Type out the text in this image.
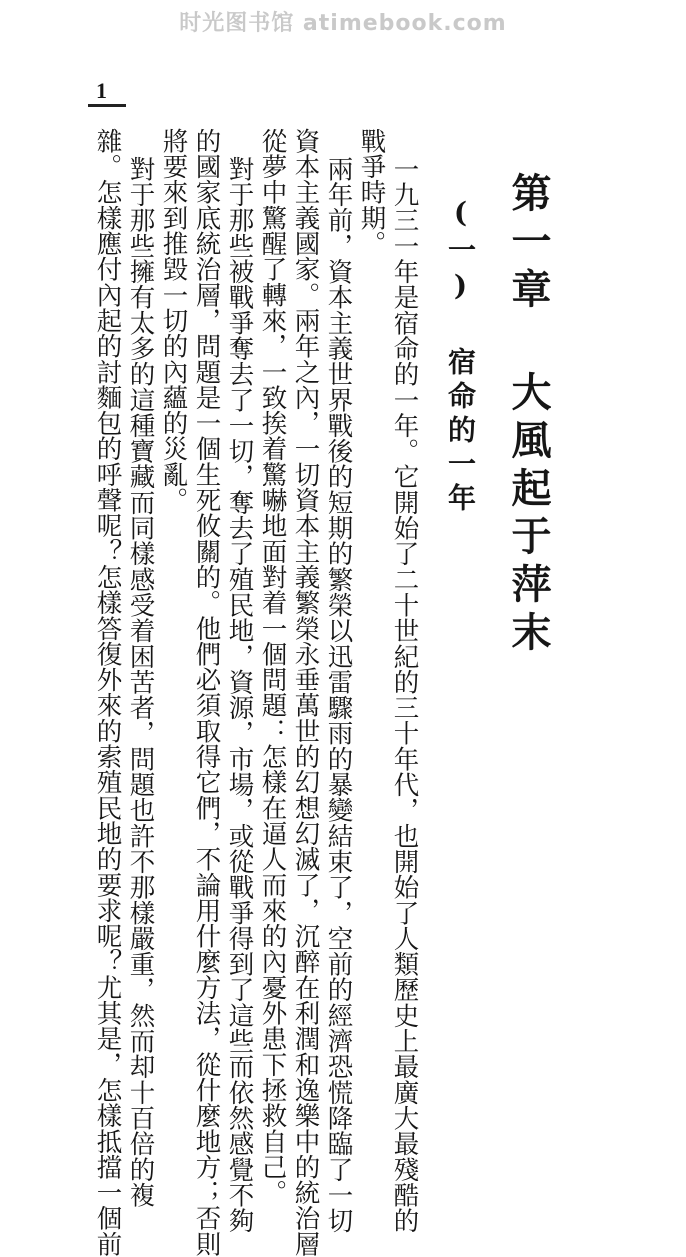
时光图书馆 atimebook.com
1
第一章 大風起于萍末
(一) 宿命的一年
一九三一年是宿命的一年。它開始了二十世紀的三十年代，也開始了人類歷史上最廣大最殘酷的
戰爭時期。
兩年前，資本主義世界戰後的短期的繁榮以迅雷驟雨的暴變結束了，空前的經濟恐慌降臨了一切
資本主義國家。兩年之內，一切資本主義繁榮永垂萬世的幻想幻滅了，沉醉在利潤和逸樂中的統治層
從夢中驚醒了轉來，一致挨着驚嚇地面對着一個問題：怎樣在逼人而來的內憂外患下拯救自己。
對于那些被戰爭奪去了一切，奪去了殖民地，資源，市場，或從戰爭得到了這些而依然感覺不夠
的國家底統治層，問題是一個生死攸關的。他們必須取得它們，不論用什麼方法，從什麼地方；否則
將要來到推毀一切的內蘊的災亂。
對于那些擁有太多的這種寶藏而同樣感受着困苦者，問題也許不那樣嚴重，然而却十百倍的複
雜。怎樣應付內起的討麵包的呼聲呢？怎樣答復外來的索殖民地的要求呢？尤其是，怎樣抵擋一個前
